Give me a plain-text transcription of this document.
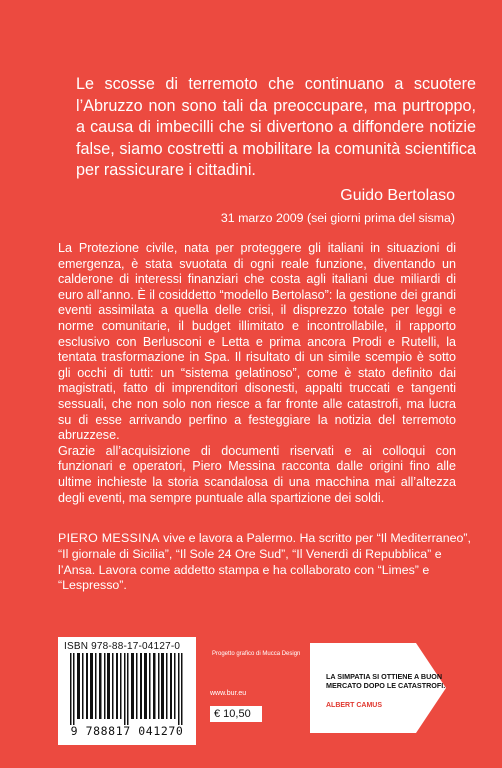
Le scosse di terremoto che continuano a scuotere l’Abruzzo non sono tali da preoccupare, ma purtroppo, a causa di imbecilli che si divertono a diffondere notizie false, siamo costretti a mobilitare la comunità scientifica per rassicurare i cittadini.

Guido Bertolaso
31 marzo 2009 (sei giorni prima del sisma)

La Protezione civile, nata per proteggere gli italiani in situazioni di emergenza, è stata svuotata di ogni reale funzione, diventando un calderone di interessi finanziari che costa agli italiani due miliardi di euro all’anno. È il cosiddetto “modello Bertolaso”: la gestione dei grandi eventi assimilata a quella delle crisi, il disprezzo totale per leggi e norme comunitarie, il budget illimitato e incontrollabile, il rapporto esclusivo con Berlusconi e Letta e prima ancora Prodi e Rutelli, la tentata trasformazione in Spa. Il risultato di un simile scempio è sotto gli occhi di tutti: un “sistema gelatinoso”, come è stato definito dai magistrati, fatto di imprenditori disonesti, appalti truccati e tangenti sessuali, che non solo non riesce a far fronte alle catastrofi, ma lucra su di esse arrivando perfino a festeggiare la notizia del terremoto abruzzese.

Grazie all’acquisizione di documenti riservati e ai colloqui con funzionari e operatori, Piero Messina racconta dalle origini fino alle ultime inchieste la storia scandalosa di una macchina mai all’altezza degli eventi, ma sempre puntuale alla spartizione dei soldi.

PIERO MESSINA vive e lavora a Palermo. Ha scritto per “Il Mediterraneo”, “Il giornale di Sicilia”, “Il Sole 24 Ore Sud”, “Il Venerdì di Repubblica” e l’Ansa. Lavora come addetto stampa e ha collaborato con “Limes” e “Lespresso”.

ISBN 978-88-17-04127-0
9 788817 041270
Progetto grafico di Mucca Design
www.bur.eu
€ 10,50
LA SIMPATIA SI OTTIENE A BUON MERCATO DOPO LE CATASTROFI.
ALBERT CAMUS
